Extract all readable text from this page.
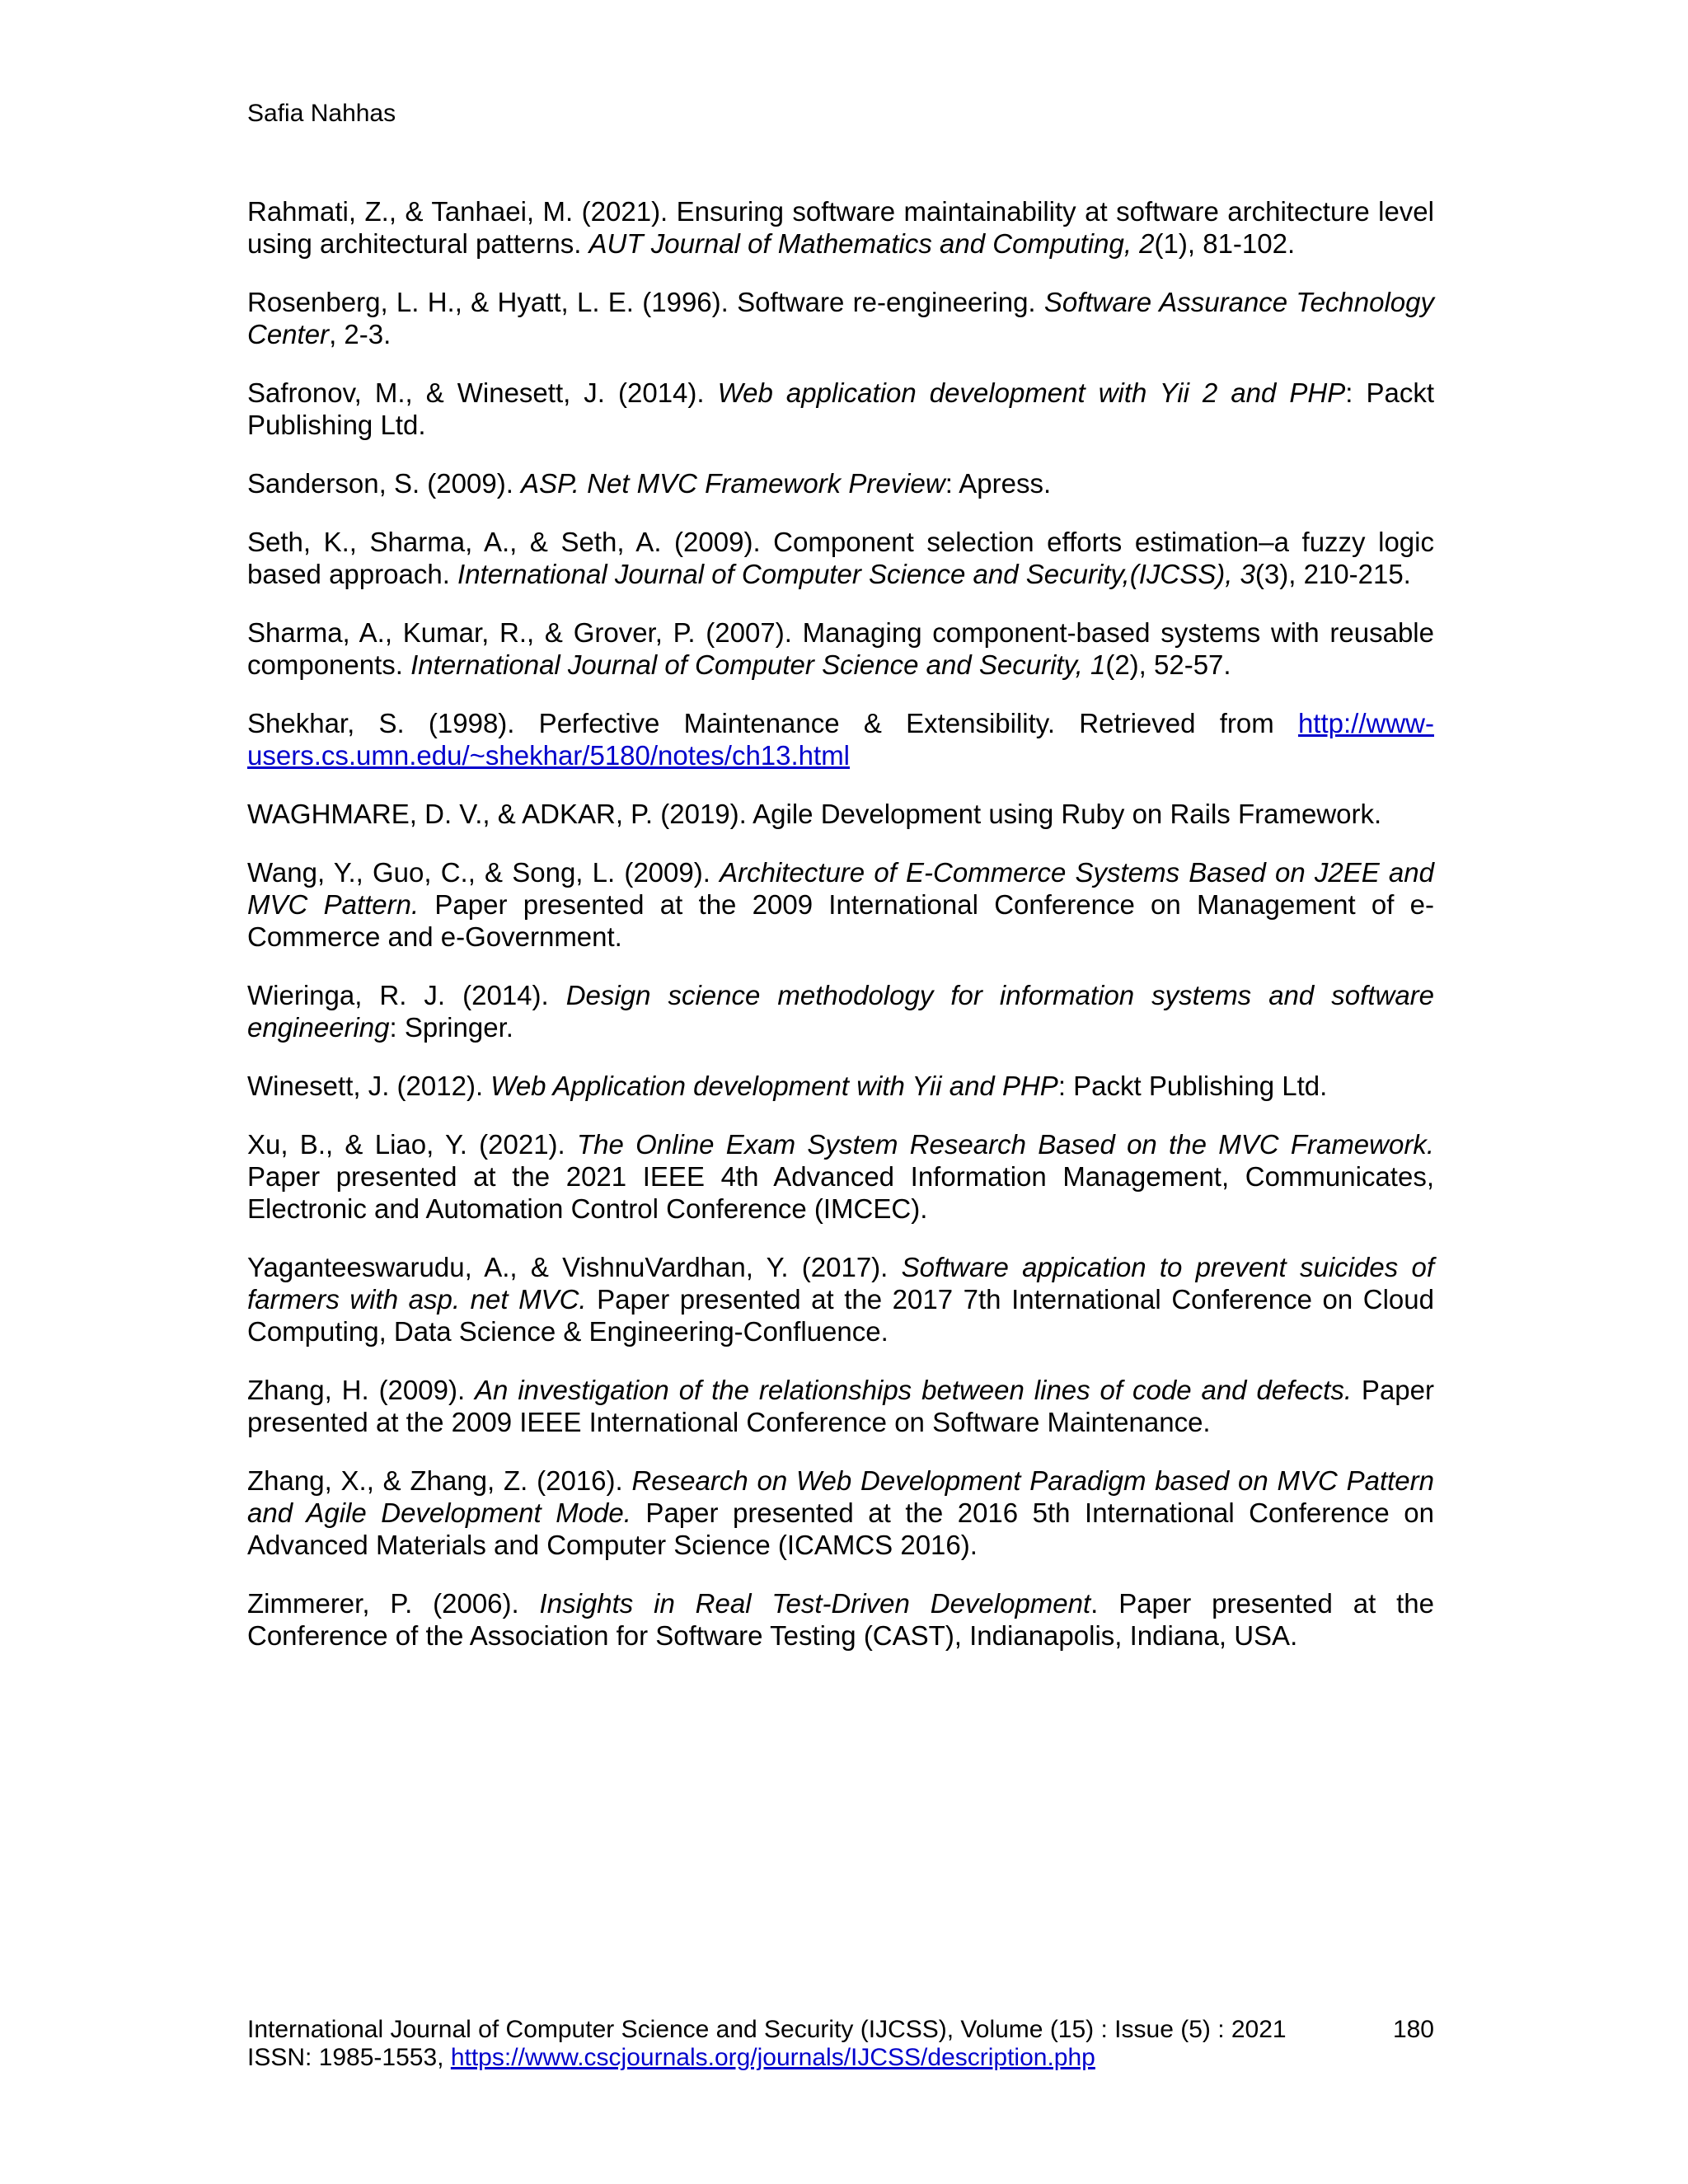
Safia Nahhas

Rahmati, Z., & Tanhaei, M. (2021). Ensuring software maintainability at software architecture level using architectural patterns. AUT Journal of Mathematics and Computing, 2(1), 81-102.

Rosenberg, L. H., & Hyatt, L. E. (1996). Software re-engineering. Software Assurance Technology Center, 2-3.

Safronov, M., & Winesett, J. (2014). Web application development with Yii 2 and PHP: Packt Publishing Ltd.

Sanderson, S. (2009). ASP. Net MVC Framework Preview: Apress.

Seth, K., Sharma, A., & Seth, A. (2009). Component selection efforts estimation–a fuzzy logic based approach. International Journal of Computer Science and Security,(IJCSS), 3(3), 210-215.

Sharma, A., Kumar, R., & Grover, P. (2007). Managing component-based systems with reusable components. International Journal of Computer Science and Security, 1(2), 52-57.

Shekhar, S. (1998). Perfective Maintenance & Extensibility. Retrieved from http://www-users.cs.umn.edu/~shekhar/5180/notes/ch13.html

WAGHMARE, D. V., & ADKAR, P. (2019). Agile Development using Ruby on Rails Framework.

Wang, Y., Guo, C., & Song, L. (2009). Architecture of E-Commerce Systems Based on J2EE and MVC Pattern. Paper presented at the 2009 International Conference on Management of e-Commerce and e-Government.

Wieringa, R. J. (2014). Design science methodology for information systems and software engineering: Springer.

Winesett, J. (2012). Web Application development with Yii and PHP: Packt Publishing Ltd.

Xu, B., & Liao, Y. (2021). The Online Exam System Research Based on the MVC Framework. Paper presented at the 2021 IEEE 4th Advanced Information Management, Communicates, Electronic and Automation Control Conference (IMCEC).

Yaganteeswarudu, A., & VishnuVardhan, Y. (2017). Software appication to prevent suicides of farmers with asp. net MVC. Paper presented at the 2017 7th International Conference on Cloud Computing, Data Science & Engineering-Confluence.

Zhang, H. (2009). An investigation of the relationships between lines of code and defects. Paper presented at the 2009 IEEE International Conference on Software Maintenance.

Zhang, X., & Zhang, Z. (2016). Research on Web Development Paradigm based on MVC Pattern and Agile Development Mode. Paper presented at the 2016 5th International Conference on Advanced Materials and Computer Science (ICAMCS 2016).

Zimmerer, P. (2006). Insights in Real Test-Driven Development. Paper presented at the Conference of the Association for Software Testing (CAST), Indianapolis, Indiana, USA.

International Journal of Computer Science and Security (IJCSS), Volume (15) : Issue (5) : 2021	180
ISSN: 1985-1553, https://www.cscjournals.org/journals/IJCSS/description.php
